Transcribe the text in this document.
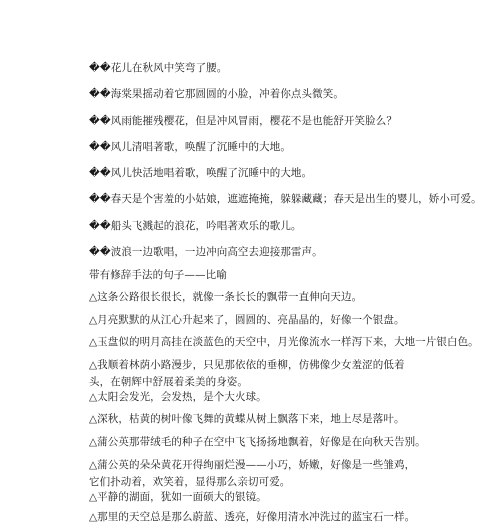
��花儿在秋风中笑弯了腰。
��海棠果摇动着它那圆圆的小脸，冲着你点头微笑。
��风雨能摧残樱花，但是冲风冒雨，樱花不是也能舒开笑脸么？
��风儿清唱著歌，唤醒了沉睡中的大地。
��风儿快活地唱着歌，唤醒了沉睡中的大地。
��春天是个害羞的小姑娘，遮遮掩掩，躲躲藏藏；春天是出生的婴儿，娇小可爱。
��船头飞溅起的浪花，吟唱著欢乐的歌儿。
��波浪一边歌唱，一边冲向高空去迎接那雷声。
带有修辞手法的句子——比喻
△这条公路很长很长，就像一条长长的飘带一直伸向天边。
△月亮默默的从江心升起来了，圆圆的、亮晶晶的，好像一个银盘。
△玉盘似的明月高挂在淡蓝色的天空中，月光像流水一样泻下来，大地一片银白色。
△我顺着林荫小路漫步，只见那依依的垂柳，仿佛像少女羞涩的低着头，在朝辉中舒展着柔美的身姿。
△太阳会发光，会发热，是个大火球。
△深秋，枯黄的树叶像飞舞的黄蝶从树上飘落下来，地上尽是落叶。
△蒲公英那带绒毛的种子在空中飞飞扬扬地飘着，好像是在向秋天告别。
△蒲公英的朵朵黄花开得绚丽烂漫——小巧，娇嫩，好像是一些雏鸡，它们扑动着，欢笑着，显得那么亲切可爱。
△平静的湖面，犹如一面硕大的银镜。
△那里的天空总是那么蔚蓝、透亮，好像用清水冲洗过的蓝宝石一样。
